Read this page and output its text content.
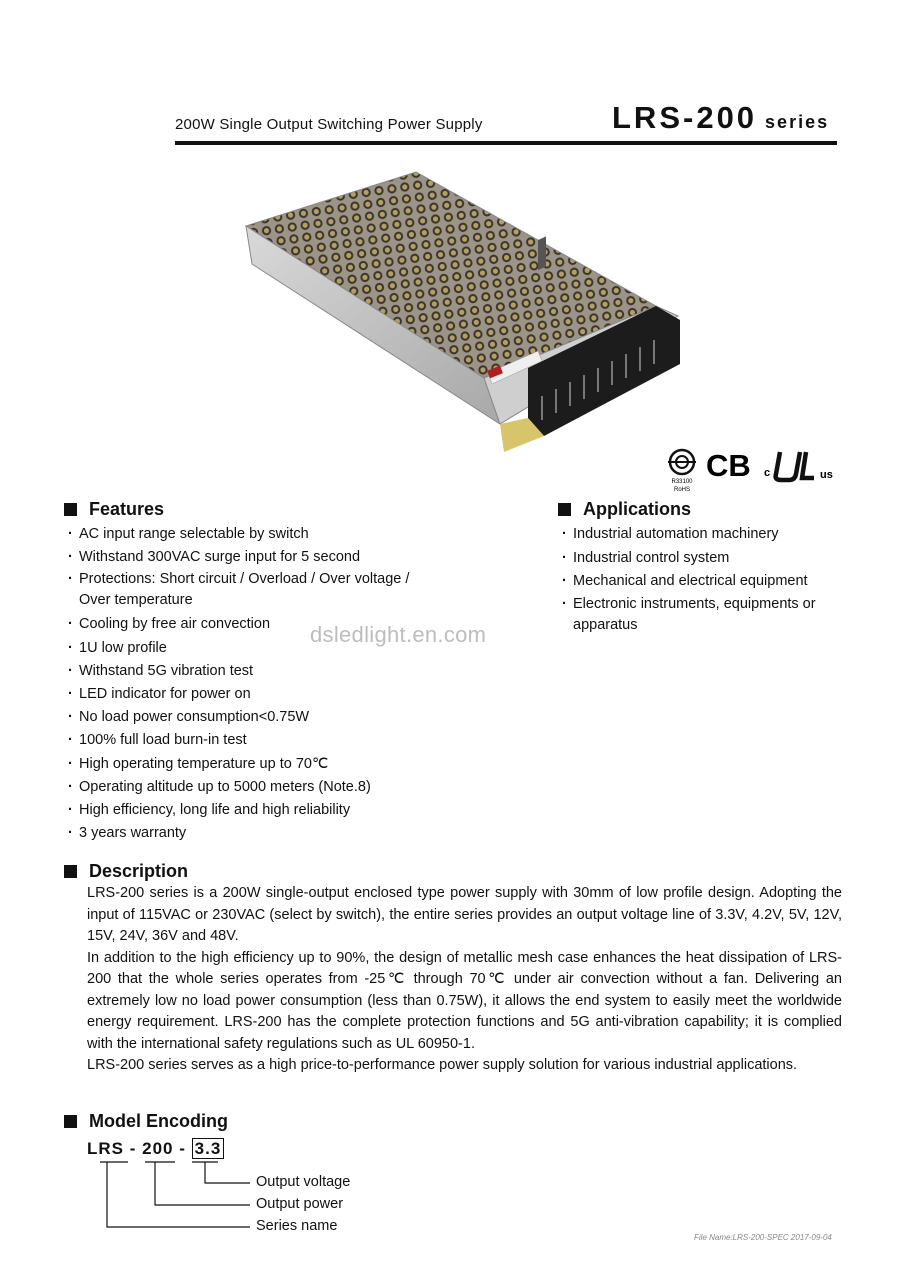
200W Single Output Switching Power Supply	LRS-200 series
R33100
RoHS
CB c	us
Features
· AC input range selectable by switch
· Withstand 300VAC surge input for 5 second
· Protections: Short circuit / Overload / Over voltage /
Over temperature
· Cooling by free air convection
· 1U low profile
· Withstand 5G vibration test
· LED indicator for power on
· No load power consumption<0.75W
· 100% full load burn-in test
· High operating temperature up to 70℃
· Operating altitude up to 5000 meters (Note.8)
· High efficiency, long life and high reliability
· 3 years warranty
Applications
· Industrial automation machinery
· Industrial control system
· Mechanical and electrical equipment
· Electronic instruments, equipments or
apparatus
dsledlight.en.com
Description

LRS-200 series is a 200W single-output enclosed type power supply with 30mm of low profile design. Adopting the input of 115VAC or 230VAC (select by switch), the entire series provides an output voltage line of 3.3V, 4.2V, 5V, 12V, 15V, 24V, 36V and 48V.

In addition to the high efficiency up to 90%, the design of metallic mesh case enhances the heat dissipation of LRS-200 that the whole series operates from -25℃ through 70℃ under air convection without a fan. Delivering an extremely low no load power consumption (less than 0.75W), it allows the end system to easily meet the worldwide energy requirement. LRS-200 has the complete protection functions and 5G anti-vibration capability; it is complied with the international safety regulations such as UL 60950-1.

LRS-200 series serves as a high price-to-performance power supply solution for various industrial applications.

Model Encoding
LRS - 200 - 3.3
Output voltage
Output power
Series name
File Name:LRS-200-SPEC 2017-09-04
